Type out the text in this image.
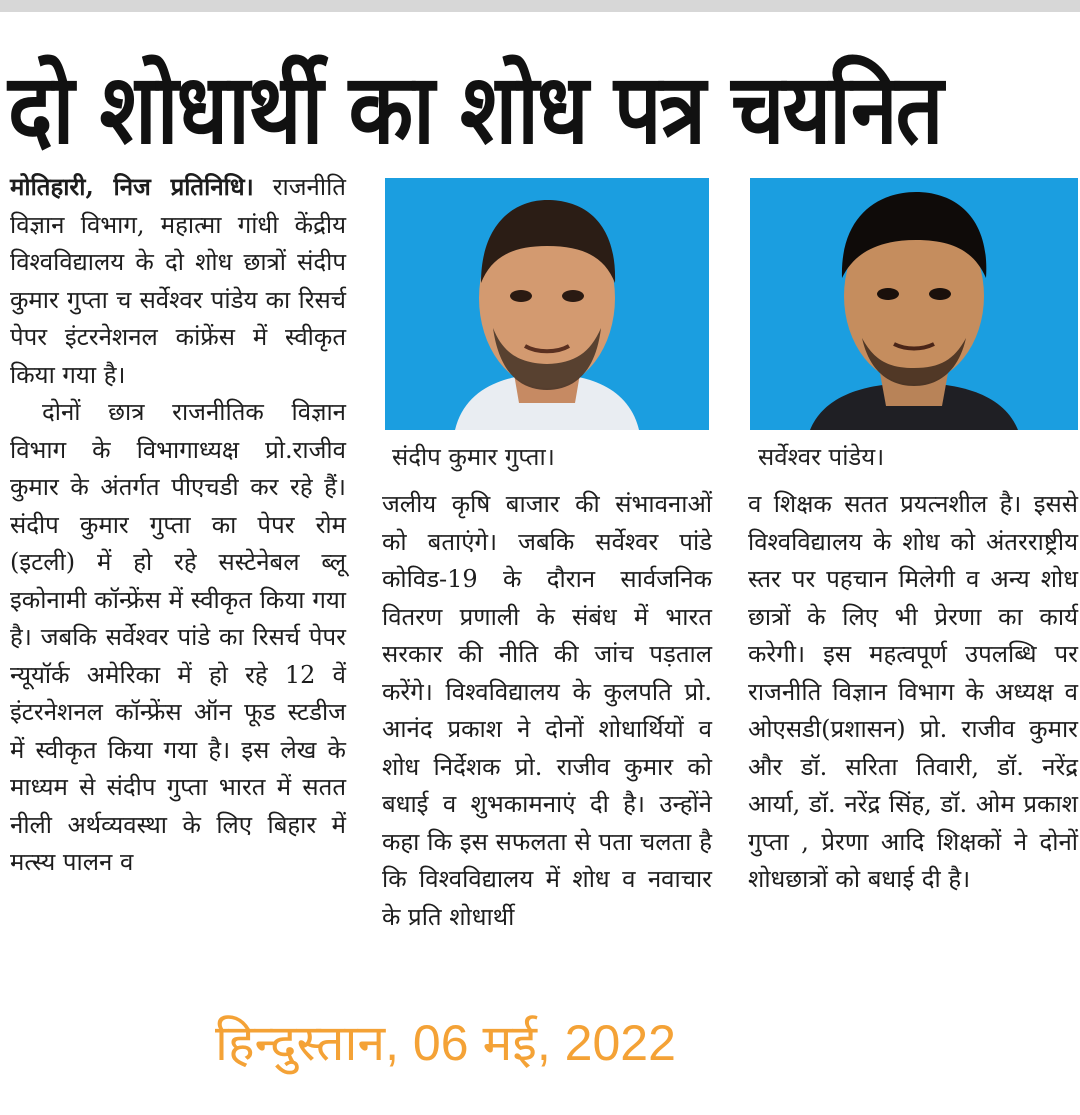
दो शोधार्थी का शोध पत्र चयनित

मोतिहारी, निज प्रतिनिधि। राजनीति विज्ञान विभाग, महात्मा गांधी केंद्रीय विश्वविद्यालय के दो शोध छात्रों संदीप कुमार गुप्ता च सर्वेश्वर पांडेय का रिसर्च पेपर इंटरनेशनल कांफ्रेंस में स्वीकृत किया गया है।

दोनों छात्र राजनीतिक विज्ञान विभाग के विभागाध्यक्ष प्रो.राजीव कुमार के अंतर्गत पीएचडी कर रहे हैं। संदीप कुमार गुप्ता का पेपर रोम (इटली) में हो रहे सस्टेनेबल ब्लू इकोनामी कॉन्फ्रेंस में स्वीकृत किया गया है। जबकि सर्वेश्वर पांडे का रिसर्च पेपर न्यूयॉर्क अमेरिका में हो रहे 12 वें इंटरनेशनल कॉन्फ्रेंस ऑन फूड स्टडीज में स्वीकृत किया गया है। इस लेख के माध्यम से संदीप गुप्ता भारत में सतत नीली अर्थव्यवस्था के लिए बिहार में मत्स्य पालन व

संदीप कुमार गुप्ता।	सर्वेश्वर पांडेय।

जलीय कृषि बाजार की संभावनाओं को बताएंगे। जबकि सर्वेश्वर पांडे कोविड-19 के दौरान सार्वजनिक वितरण प्रणाली के संबंध में भारत सरकार की नीति की जांच पड़ताल करेंगे। विश्वविद्यालय के कुलपति प्रो. आनंद प्रकाश ने दोनों शोधार्थियों व शोध निर्देशक प्रो. राजीव कुमार को बधाई व शुभकामनाएं दी है। उन्होंने कहा कि इस सफलता से पता चलता है कि विश्वविद्यालय में शोध व नवाचार के प्रति शोधार्थी

व शिक्षक सतत प्रयत्नशील है। इससे विश्वविद्यालय के शोध को अंतरराष्ट्रीय स्तर पर पहचान मिलेगी व अन्य शोध छात्रों के लिए भी प्रेरणा का कार्य करेगी। इस महत्वपूर्ण उपलब्धि पर राजनीति विज्ञान विभाग के अध्यक्ष व ओएसडी(प्रशासन) प्रो. राजीव कुमार और डॉ. सरिता तिवारी, डॉ. नरेंद्र आर्या, डॉ. नरेंद्र सिंह, डॉ. ओम प्रकाश गुप्ता , प्रेरणा आदि शिक्षकों ने दोनों शोधछात्रों को बधाई दी है।

हिन्दुस्तान, 06 मई, 2022
